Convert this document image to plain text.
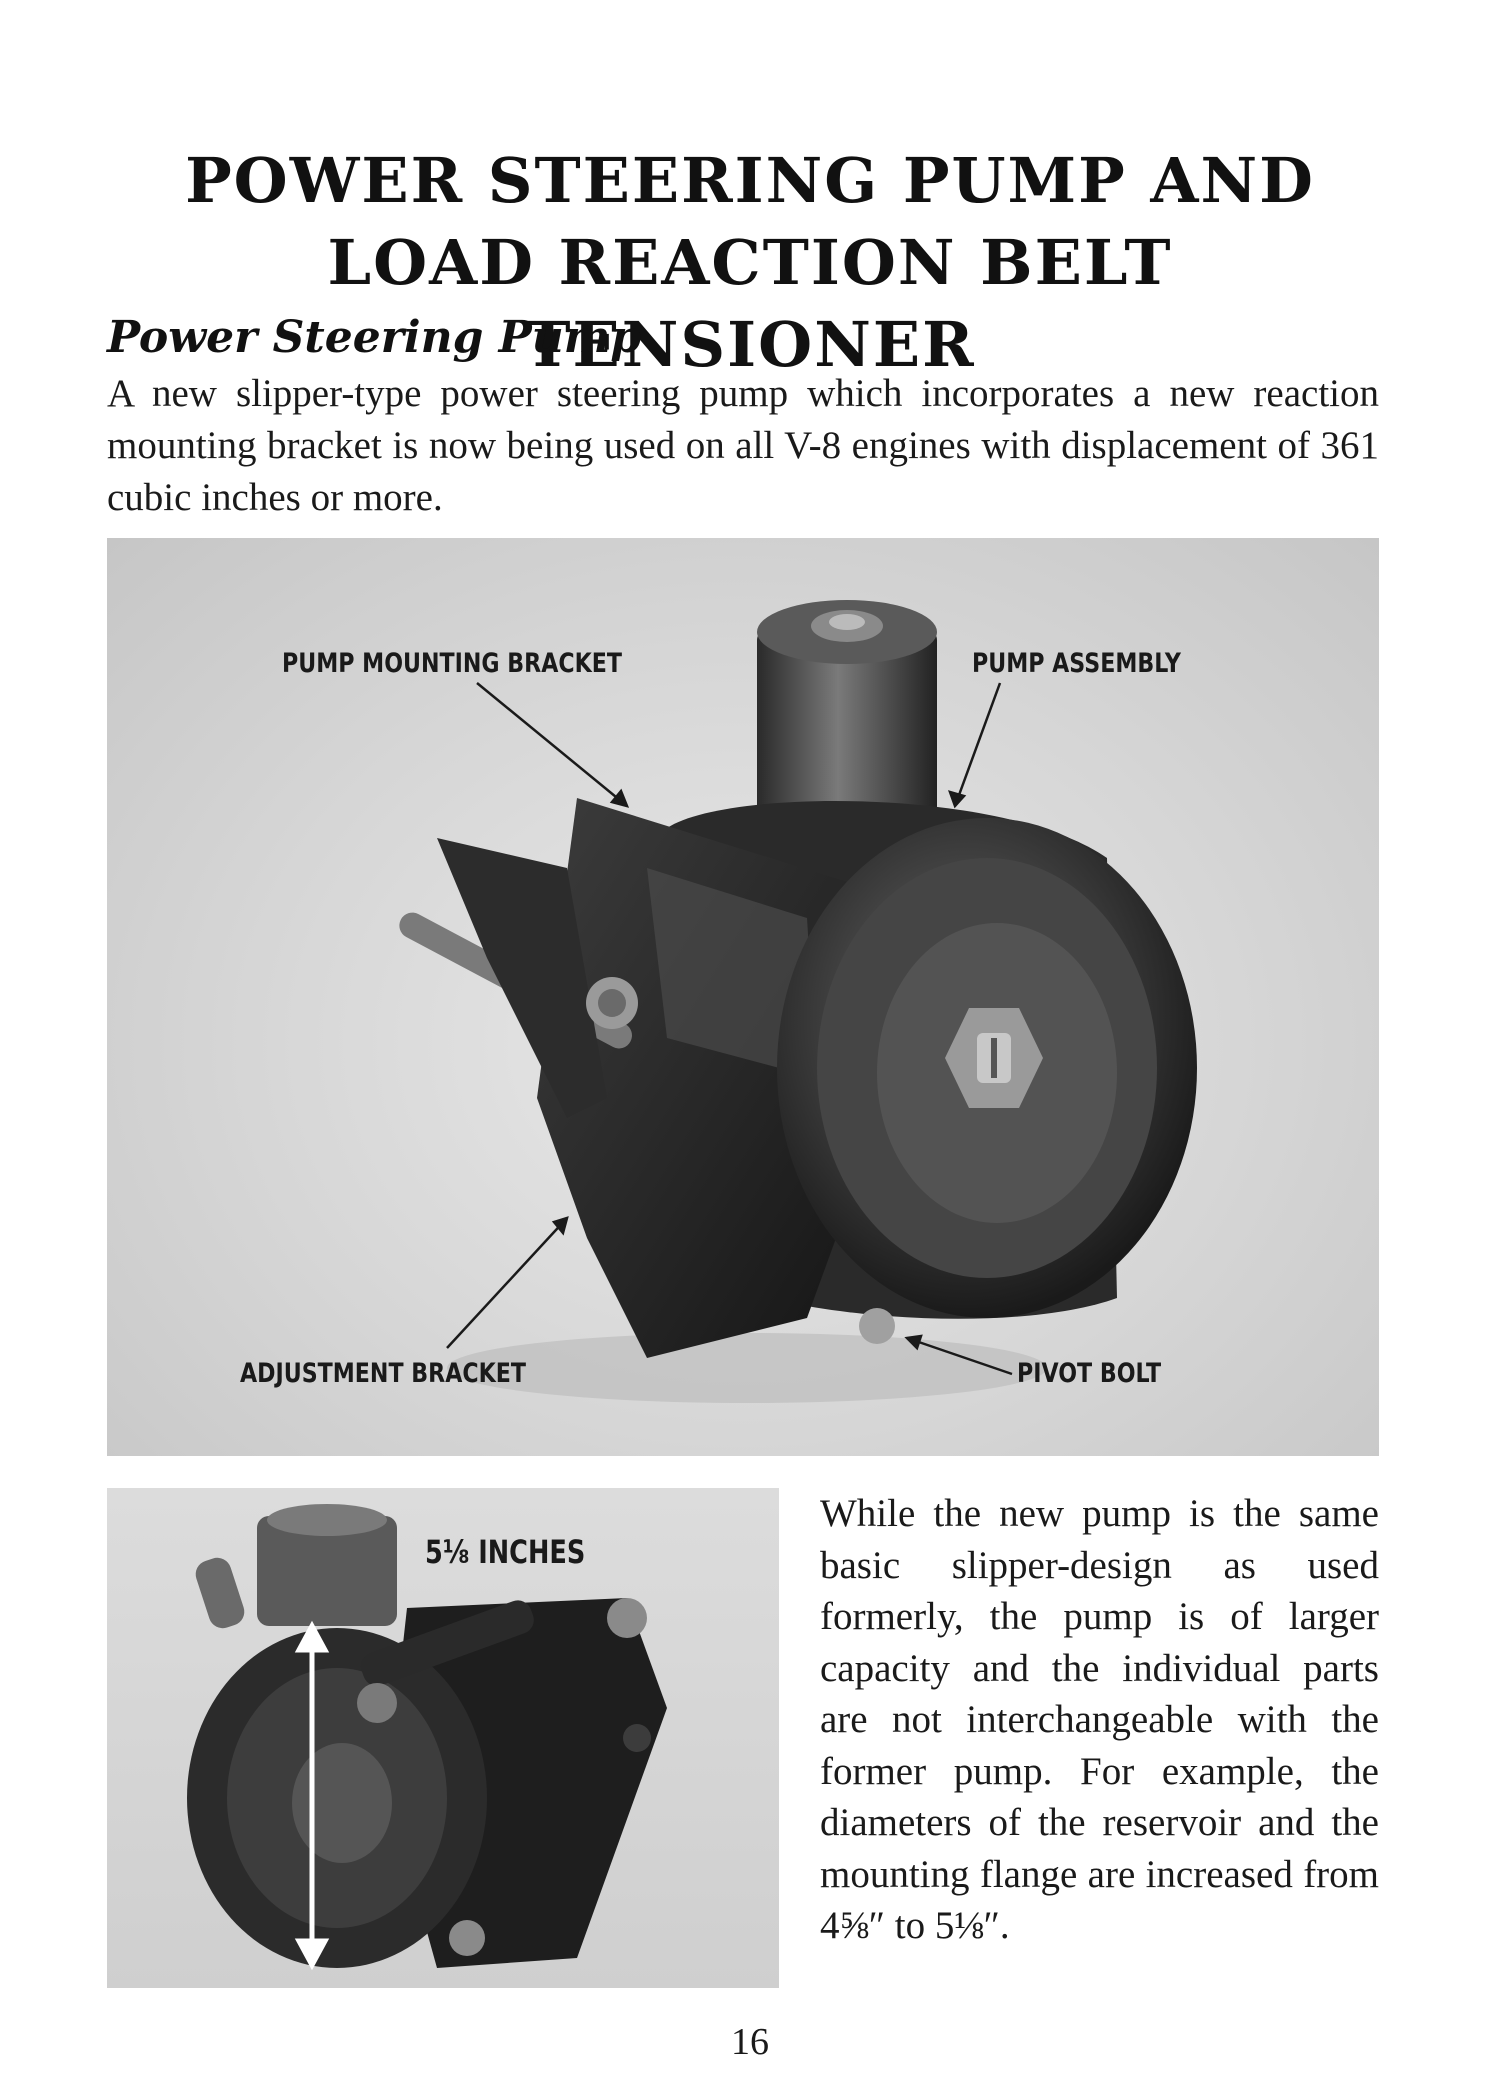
POWER STEERING PUMP AND
LOAD REACTION BELT TENSIONER
Power Steering Pump

A new slipper-type power steering pump which incorporates a new reaction mounting bracket is now being used on all V-8 engines with displacement of 361 cubic inches or more.

PUMP MOUNTING BRACKET	PUMP ASSEMBLY

ADJUSTMENT BRACKET	PIVOT BOLT

5⅛ INCHES

While the new pump is the same basic slipper-design as used formerly, the pump is of larger capacity and the individual parts are not interchangeable with the former pump. For example, the diameters of the reservoir and the mounting flange are increased from 4⅝″ to 5⅛″.

16
